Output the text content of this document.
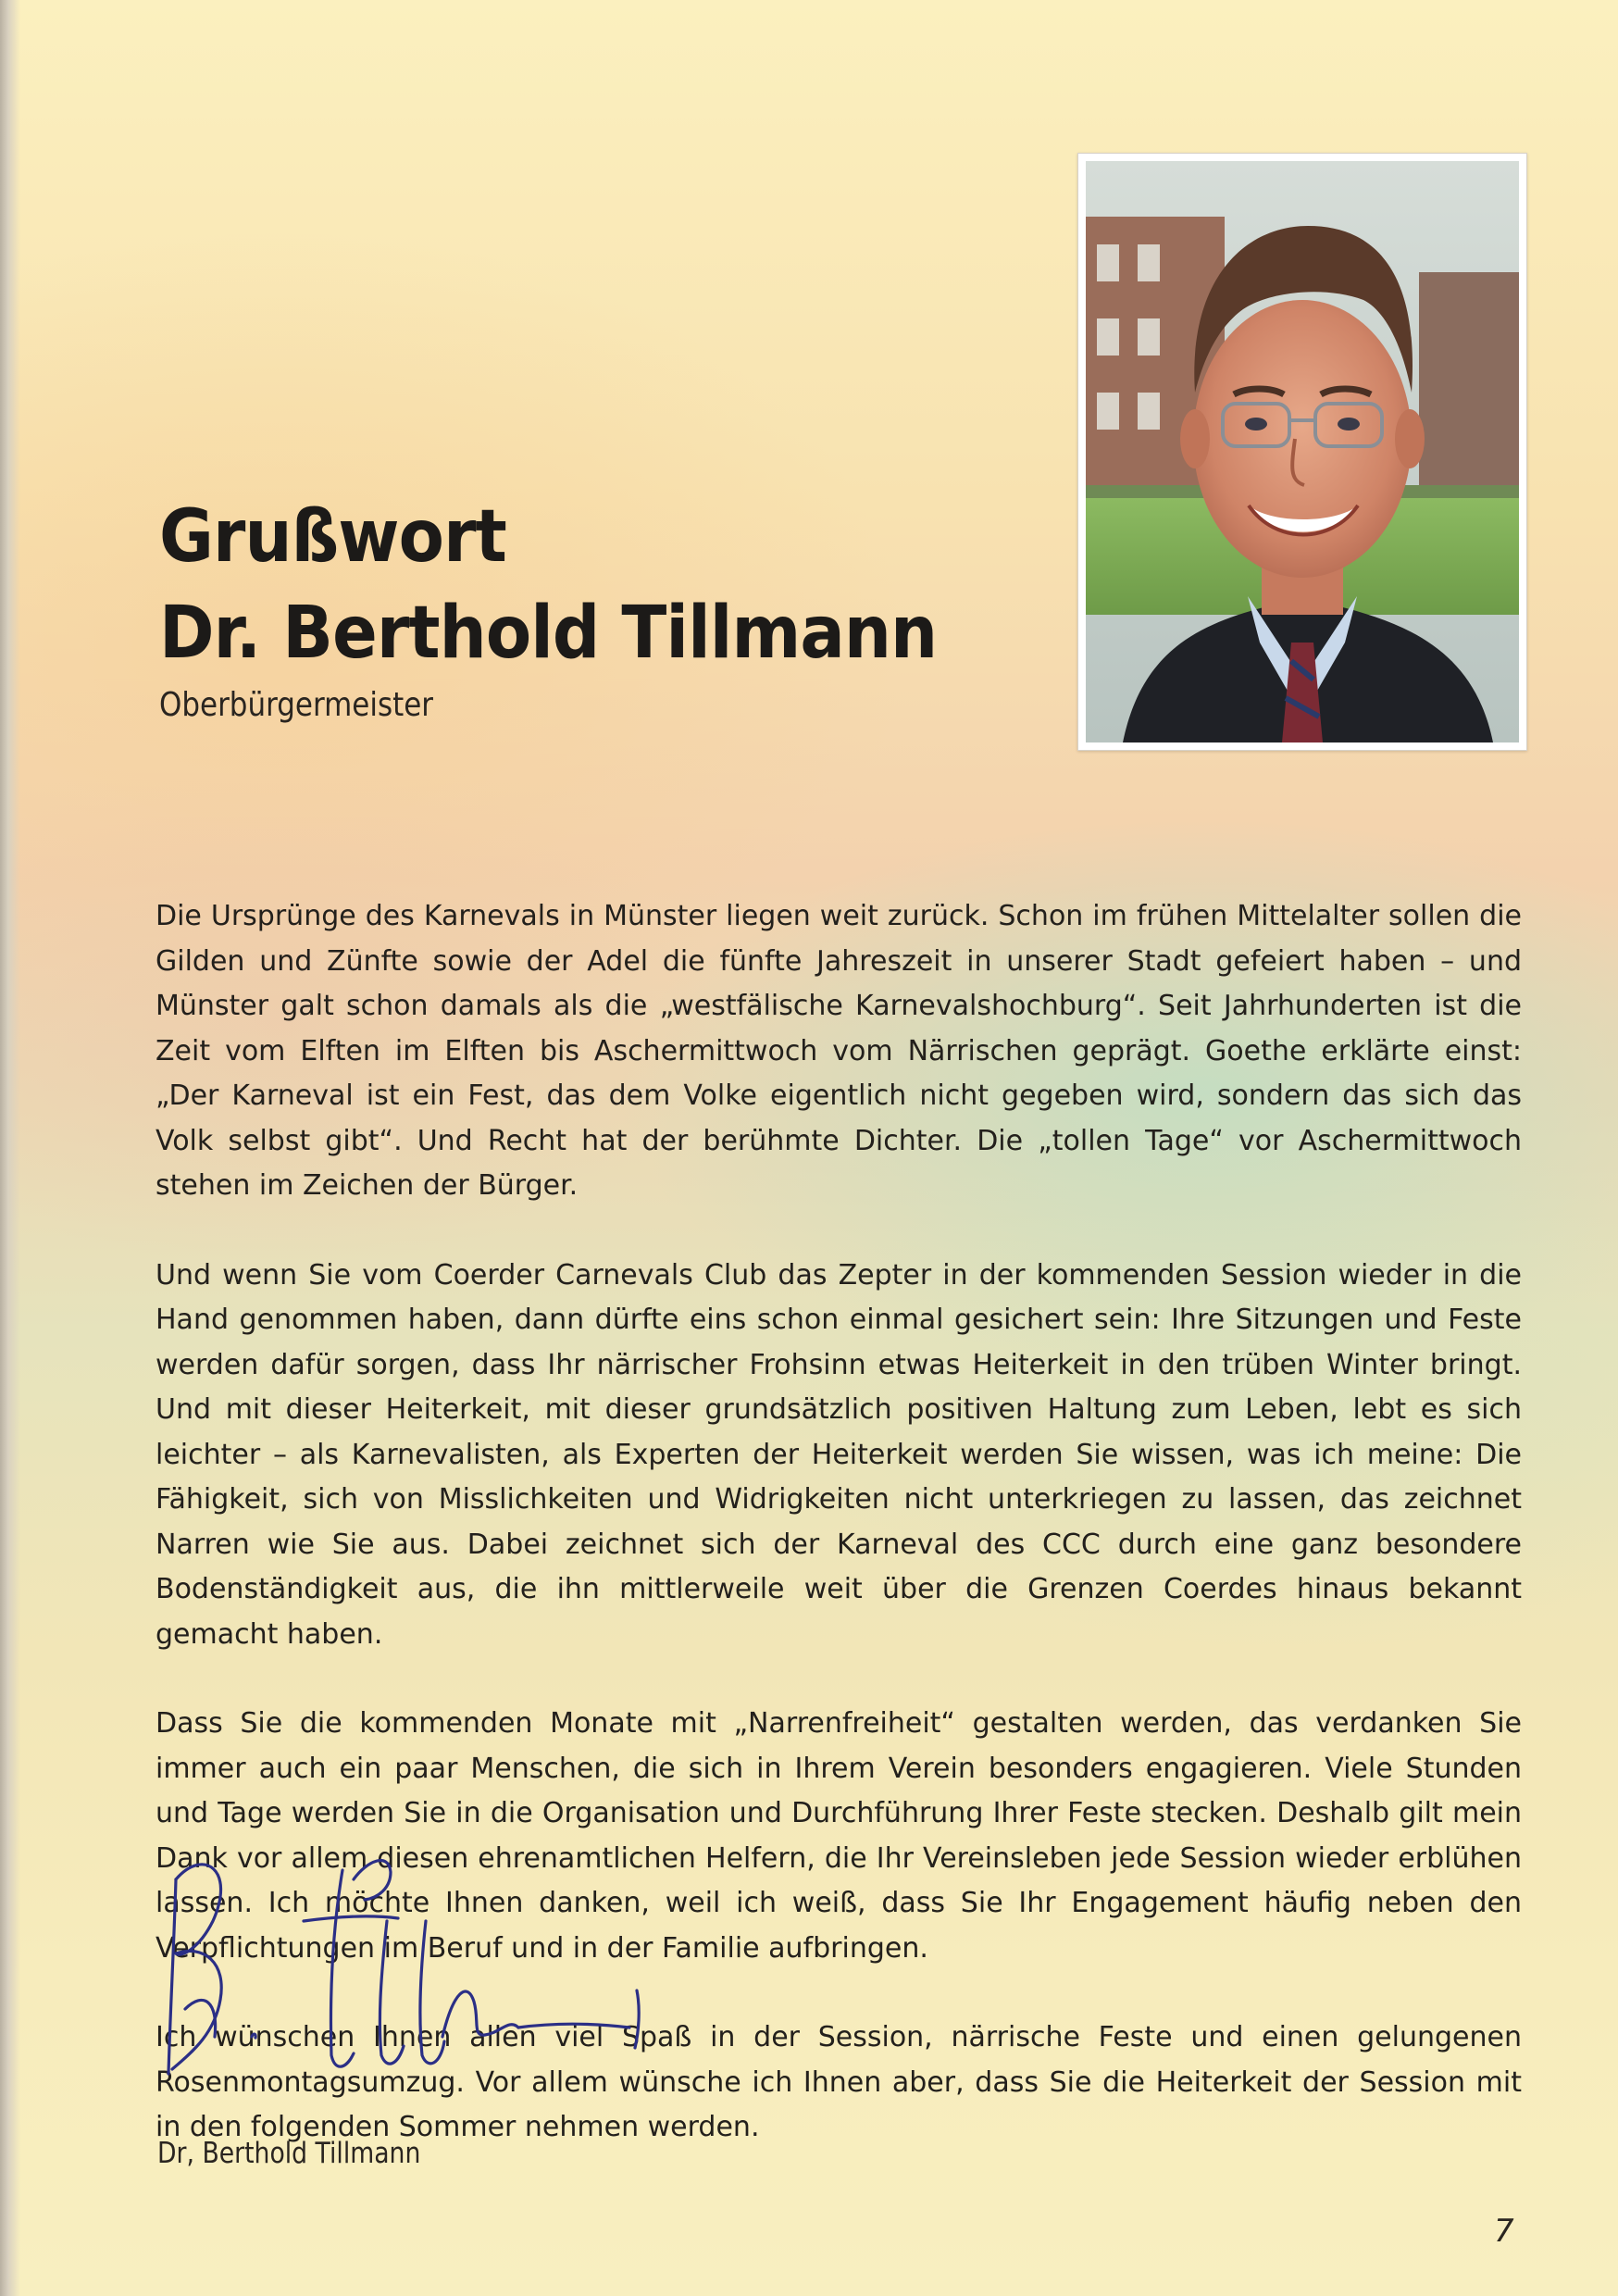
Grußwort
Dr. Berthold Tillmann
Oberbürgermeister

Die Ursprünge des Karnevals in Münster liegen weit zurück. Schon im frühen Mittelalter sollen die Gilden und Zünfte sowie der Adel die fünfte Jahreszeit in unserer Stadt gefeiert haben – und Münster galt schon damals als die „westfälische Karnevalshochburg“. Seit Jahrhunderten ist die Zeit vom Elften im Elften bis Aschermittwoch vom Närrischen geprägt. Goethe erklärte einst: „Der Karneval ist ein Fest, das dem Volke eigentlich nicht gegeben wird, sondern das sich das Volk selbst gibt“. Und Recht hat der berühmte Dichter. Die „tollen Tage“ vor Aschermittwoch stehen im Zeichen der Bürger.

Und wenn Sie vom Coerder Carnevals Club das Zepter in der kommenden Session wieder in die Hand genommen haben, dann dürfte eins schon einmal gesichert sein: Ihre Sitzungen und Feste werden dafür sorgen, dass Ihr närrischer Frohsinn etwas Heiterkeit in den trüben Winter bringt. Und mit dieser Heiterkeit, mit dieser grundsätzlich positiven Haltung zum Leben, lebt es sich leichter – als Karnevalisten, als Experten der Heiterkeit werden Sie wissen, was ich meine: Die Fähigkeit, sich von Misslichkeiten und Widrigkeiten nicht unterkriegen zu lassen, das zeichnet Narren wie Sie aus. Dabei zeichnet sich der Karneval des CCC durch eine ganz besondere Bodenständigkeit aus, die ihn mittlerweile weit über die Grenzen Coerdes hinaus bekannt gemacht haben.

Dass Sie die kommenden Monate mit „Narrenfreiheit“ gestalten werden, das verdanken Sie immer auch ein paar Menschen, die sich in Ihrem Verein besonders engagieren. Viele Stunden und Tage werden Sie in die Organisation und Durchführung Ihrer Feste stecken. Deshalb gilt mein Dank vor allem diesen ehrenamtlichen Helfern, die Ihr Vereinsleben jede Session wieder erblühen lassen. Ich möchte Ihnen danken, weil ich weiß, dass Sie Ihr Engagement häufig neben den Verpflichtungen im Beruf und in der Familie aufbringen.

Ich wünschen Ihnen allen viel Spaß in der Session, närrische Feste und einen gelungenen Rosenmontagsumzug. Vor allem wünsche ich Ihnen aber, dass Sie die Heiterkeit der Session mit in den folgenden Sommer nehmen werden.

Dr, Berthold Tillmann
7
